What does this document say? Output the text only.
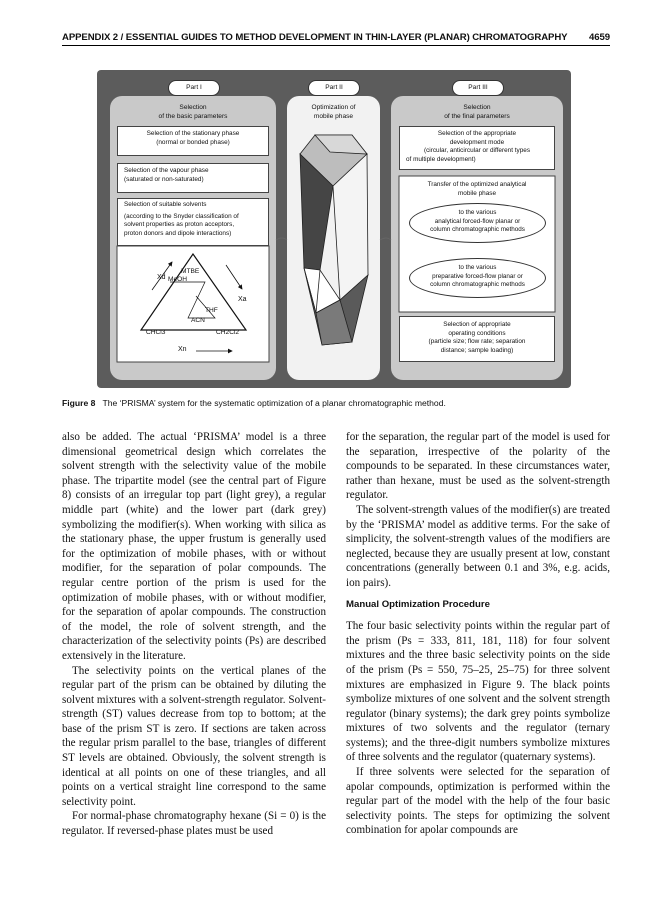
APPENDIX 2 / ESSENTIAL GUIDES TO METHOD DEVELOPMENT IN THIN-LAYER (PLANAR) CHROMATOGRAPHY 4659
Part I	Part II	Part III
Selection
of the basic parameters
Selection of the stationary phase
(normal or bonded phase)
Selection of the vapour phase
(saturated or non-saturated)
Selection of suitable solvents
(according to the Snyder classification of
solvent properties as proton acceptors,
proton donors and dipole interactions)
Xd
Xa
Xn
MTBE
MeOH
THF
ACN
CHCl3	CH2Cl2
Optimization of
mobile phase
Selection
of the final parameters
Selection of the appropriate
development mode
(circular, anticircular or different types
of multiple development)
Transfer of the optimized analytical
mobile phase
to the various
analytical forced-flow planar or
column chromatographic methods
to the various
preparative forced-flow planar or
column chromatographic methods
Selection of appropriate
operating conditions
(particle size; flow rate; separation
distance; sample loading)
Figure 8 The ‘PRISMA’ system for the systematic optimization of a planar chromatographic method.

also be added. The actual ‘PRISMA’ model is a three dimensional geometrical design which correlates the solvent strength with the selectivity value of the mobile phase. The tripartite model (see the central part of Figure 8) consists of an irregular top part (light grey), a regular middle part (white) and the lower part (dark grey) symbolizing the modifier(s). When working with silica as the stationary phase, the upper frustum is generally used for the optimization of mobile phases, with or without modifier, for the separation of polar compounds. The regular centre portion of the prism is used for the optimization of mobile phases, with or without modifier, for the separation of apolar compounds. The construction of the model, the role of solvent strength, and the characterization of the selectivity points (Ps) are described extensively in the literature.

The selectivity points on the vertical planes of the regular part of the prism can be obtained by diluting the solvent mixtures with a solvent-strength regulator. Solvent-strength (ST) values decrease from top to bottom; at the base of the prism ST is zero. If sections are taken across the regular prism parallel to the base, triangles of different ST levels are obtained. Obviously, the solvent strength is identical at all points on one of these triangles, and all points on a vertical straight line correspond to the same selectivity point.

For normal-phase chromatography hexane (Si = 0) is the regulator. If reversed-phase plates must be used

for the separation, the regular part of the model is used for the separation, irrespective of the polarity of the compounds to be separated. In these circumstances water, rather than hexane, must be used as the solvent-strength regulator.

The solvent-strength values of the modifier(s) are treated by the ‘PRISMA’ model as additive terms. For the sake of simplicity, the solvent-strength values of the modifiers are neglected, because they are usually present at low, constant concentrations (generally between 0.1 and 3%, e.g. acids, ion pairs).

Manual Optimization Procedure

The four basic selectivity points within the regular part of the prism (Ps = 333, 811, 181, 118) for four solvent mixtures and the three basic selectivity points on the side of the prism (Ps = 550, 75–25, 25–75) for three solvent mixtures are emphasized in Figure 9. The black points symbolize mixtures of one solvent and the solvent strength regulator (binary systems); the dark grey points symbolize mixtures of two solvents and the regulator (ternary systems); and the three-digit numbers symbolize mixtures of three solvents and the regulator (quaternary systems).

If three solvents were selected for the separation of apolar compounds, optimization is performed within the regular part of the model with the help of the four basic selectivity points. The steps for optimizing the solvent combination for apolar compounds are
